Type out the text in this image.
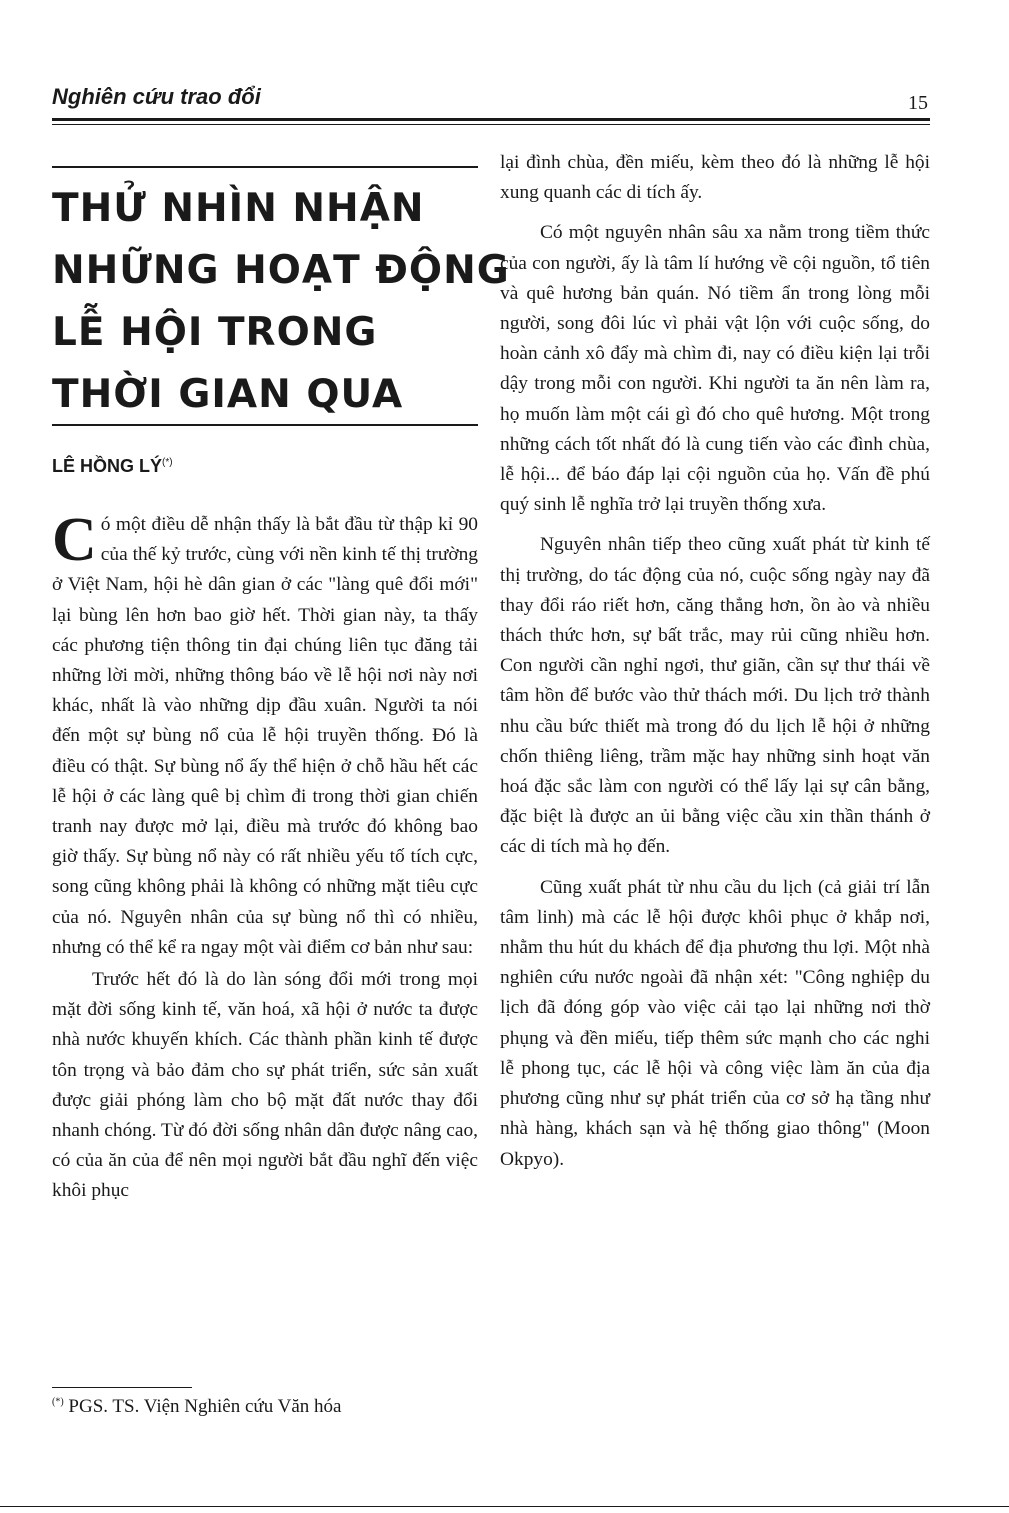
Nghiên cứu trao đổi	15
THỬ NHÌN NHẬN
NHỮNG HOẠT ĐỘNG
LỄ HỘI TRONG
THỜI GIAN QUA
LÊ HỒNG LÝ(*)

Có một điều dễ nhận thấy là bắt đầu từ thập kỉ 90 của thế kỷ trước, cùng với nền kinh tế thị trường ở Việt Nam, hội hè dân gian ở các "làng quê đổi mới" lại bùng lên hơn bao giờ hết. Thời gian này, ta thấy các phương tiện thông tin đại chúng liên tục đăng tải những lời mời, những thông báo về lễ hội nơi này nơi khác, nhất là vào những dịp đầu xuân. Người ta nói đến một sự bùng nổ của lễ hội truyền thống. Đó là điều có thật. Sự bùng nổ ấy thể hiện ở chỗ hầu hết các lễ hội ở các làng quê bị chìm đi trong thời gian chiến tranh nay được mở lại, điều mà trước đó không bao giờ thấy. Sự bùng nổ này có rất nhiều yếu tố tích cực, song cũng không phải là không có những mặt tiêu cực của nó. Nguyên nhân của sự bùng nổ thì có nhiều, nhưng có thể kể ra ngay một vài điểm cơ bản như sau:

Trước hết đó là do làn sóng đổi mới trong mọi mặt đời sống kinh tế, văn hoá, xã hội ở nước ta được nhà nước khuyến khích. Các thành phần kinh tế được tôn trọng và bảo đảm cho sự phát triển, sức sản xuất được giải phóng làm cho bộ mặt đất nước thay đổi nhanh chóng. Từ đó đời sống nhân dân được nâng cao, có của ăn của để nên mọi người bắt đầu nghĩ đến việc khôi phục

(*) PGS. TS. Viện Nghiên cứu Văn hóa

lại đình chùa, đền miếu, kèm theo đó là những lễ hội xung quanh các di tích ấy.

Có một nguyên nhân sâu xa nằm trong tiềm thức của con người, ấy là tâm lí hướng về cội nguồn, tổ tiên và quê hương bản quán. Nó tiềm ẩn trong lòng mỗi người, song đôi lúc vì phải vật lộn với cuộc sống, do hoàn cảnh xô đẩy mà chìm đi, nay có điều kiện lại trỗi dậy trong mỗi con người. Khi người ta ăn nên làm ra, họ muốn làm một cái gì đó cho quê hương. Một trong những cách tốt nhất đó là cung tiến vào các đình chùa, lễ hội... để báo đáp lại cội nguồn của họ. Vấn đề phú quý sinh lễ nghĩa trở lại truyền thống xưa.

Nguyên nhân tiếp theo cũng xuất phát từ kinh tế thị trường, do tác động của nó, cuộc sống ngày nay đã thay đổi ráo riết hơn, căng thẳng hơn, ồn ào và nhiều thách thức hơn, sự bất trắc, may rủi cũng nhiều hơn. Con người cần nghỉ ngơi, thư giãn, cần sự thư thái về tâm hồn để bước vào thử thách mới. Du lịch trở thành nhu cầu bức thiết mà trong đó du lịch lễ hội ở những chốn thiêng liêng, trầm mặc hay những sinh hoạt văn hoá đặc sắc làm con người có thể lấy lại sự cân bằng, đặc biệt là được an ủi bằng việc cầu xin thần thánh ở các di tích mà họ đến.

Cũng xuất phát từ nhu cầu du lịch (cả giải trí lẫn tâm linh) mà các lễ hội được khôi phục ở khắp nơi, nhằm thu hút du khách để địa phương thu lợi. Một nhà nghiên cứu nước ngoài đã nhận xét: "Công nghiệp du lịch đã đóng góp vào việc cải tạo lại những nơi thờ phụng và đền miếu, tiếp thêm sức mạnh cho các nghi lễ phong tục, các lễ hội và công việc làm ăn của địa phương cũng như sự phát triển của cơ sở hạ tầng như nhà hàng, khách sạn và hệ thống giao thông" (Moon Okpyo).
